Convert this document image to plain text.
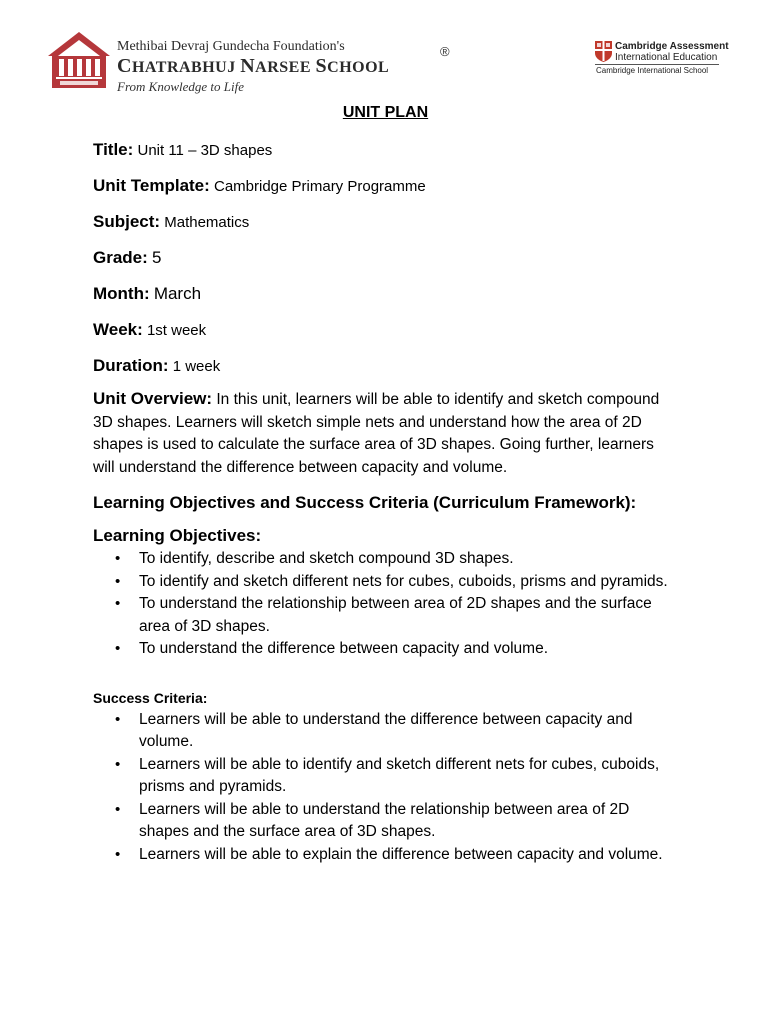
Methibai Devraj Gundecha Foundation's
CHATRABHUJ NARSEE SCHOOL
From Knowledge to Life
®	Cambridge Assessment
International Education
Cambridge International School
UNIT PLAN
Title: Unit 11 – 3D shapes
Unit Template: Cambridge Primary Programme
Subject: Mathematics
Grade: 5
Month: March
Week: 1st week
Duration: 1 week
Unit Overview: In this unit, learners will be able to identify and sketch compound 3D shapes. Learners will sketch simple nets and understand how the area of 2D shapes is used to calculate the surface area of 3D shapes. Going further, learners will understand the difference between capacity and volume.
Learning Objectives and Success Criteria (Curriculum Framework):
Learning Objectives:
• To identify, describe and sketch compound 3D shapes.
• To identify and sketch different nets for cubes, cuboids, prisms and pyramids.
• To understand the relationship between area of 2D shapes and the surface area of 3D shapes.
• To understand the difference between capacity and volume.
Success Criteria:
• Learners will be able to understand the difference between capacity and volume.
• Learners will be able to identify and sketch different nets for cubes, cuboids, prisms and pyramids.
• Learners will be able to understand the relationship between area of 2D shapes and the surface area of 3D shapes.
• Learners will be able to explain the difference between capacity and volume.
